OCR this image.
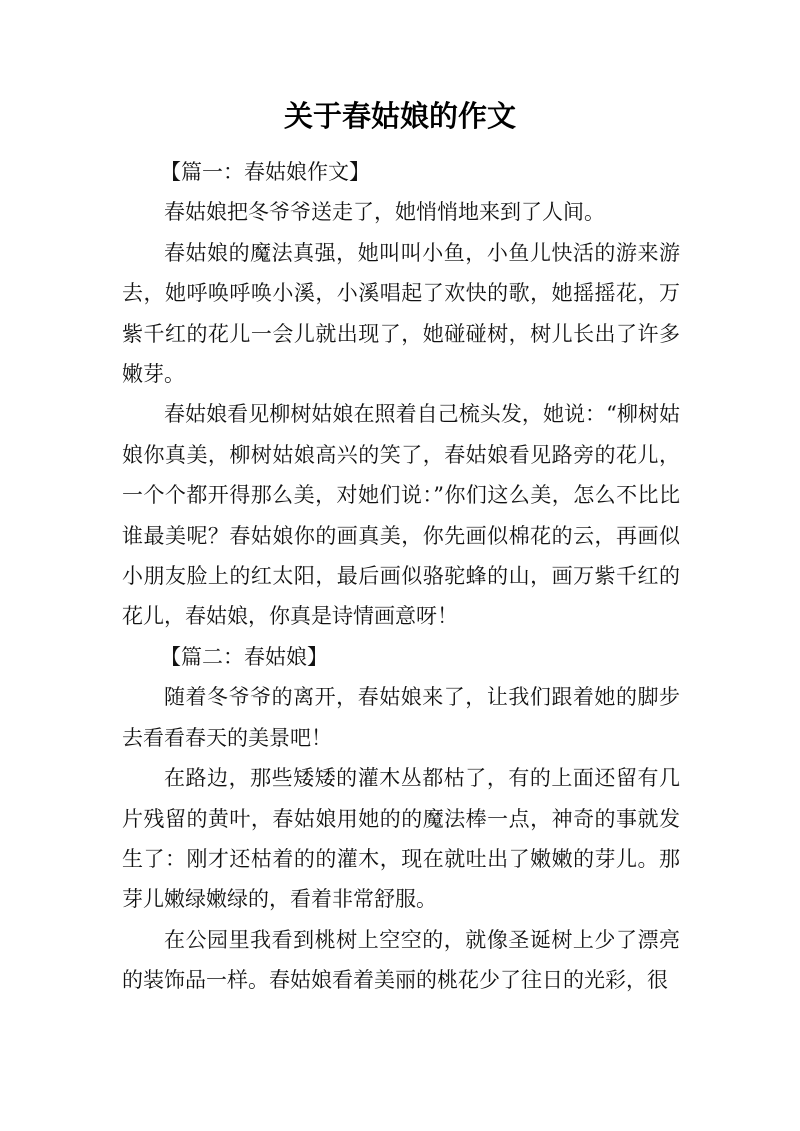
关于春姑娘的作文

【篇一：春姑娘作文】

春姑娘把冬爷爷送走了，她悄悄地来到了人间。

春姑娘的魔法真强，她叫叫小鱼，小鱼儿快活的游来游去，她呼唤呼唤小溪，小溪唱起了欢快的歌，她摇摇花，万紫千红的花儿一会儿就出现了，她碰碰树，树儿长出了许多嫩芽。

春姑娘看见柳树姑娘在照着自己梳头发，她说：“柳树姑娘你真美，柳树姑娘高兴的笑了，春姑娘看见路旁的花儿，一个个都开得那么美，对她们说：”你们这么美，怎么不比比谁最美呢？春姑娘你的画真美，你先画似棉花的云，再画似小朋友脸上的红太阳，最后画似骆驼蜂的山，画万紫千红的花儿，春姑娘，你真是诗情画意呀！

【篇二：春姑娘】

随着冬爷爷的离开，春姑娘来了，让我们跟着她的脚步去看看春天的美景吧！

在路边，那些矮矮的灌木丛都枯了，有的上面还留有几片残留的黄叶，春姑娘用她的的魔法棒一点，神奇的事就发生了：刚才还枯着的的灌木，现在就吐出了嫩嫩的芽儿。那芽儿嫩绿嫩绿的，看着非常舒服。

在公园里我看到桃树上空空的，就像圣诞树上少了漂亮的装饰品一样。春姑娘看着美丽的桃花少了往日的光彩，很
